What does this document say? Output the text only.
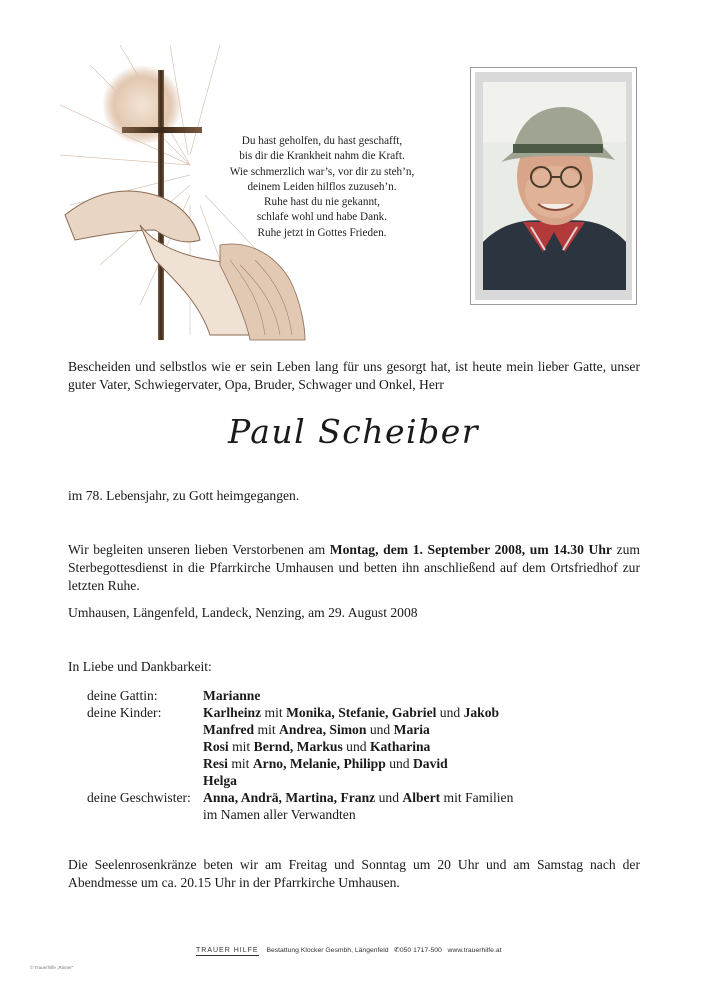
Du hast geholfen, du hast geschafft,
bis dir die Krankheit nahm die Kraft.
Wie schmerzlich war’s, vor dir zu steh’n,
deinem Leiden hilflos zuzuseh’n.
Ruhe hast du nie gekannt,
schlafe wohl und habe Dank.
Ruhe jetzt in Gottes Frieden.
Bescheiden und selbstlos wie er sein Leben lang für uns gesorgt hat, ist heute mein lieber Gatte, unser guter Vater, Schwiegervater, Opa, Bruder, Schwager und Onkel, Herr
Paul Scheiber
im 78. Lebensjahr, zu Gott heimgegangen.
Wir begleiten unseren lieben Verstorbenen am Montag, dem 1. September 2008, um 14.30 Uhr zum Sterbegottesdienst in die Pfarrkirche Umhausen und betten ihn anschließend auf dem Ortsfriedhof zur letzten Ruhe.
Umhausen, Längenfeld, Landeck, Nenzing, am 29. August 2008
In Liebe und Dankbarkeit:
deine Gattin:	Marianne
deine Kinder:	Karlheinz mit Monika, Stefanie, Gabriel und Jakob
Manfred mit Andrea, Simon und Maria
Rosi mit Bernd, Markus und Katharina
Resi mit Arno, Melanie, Philipp und David
Helga
deine Geschwister: Anna, Andrä, Martina, Franz und Albert mit Familien
im Namen aller Verwandten
Die Seelenrosenkränze beten wir am Freitag und Sonntag um 20 Uhr und am Samstag nach der Abendmesse um ca. 20.15 Uhr in der Pfarrkirche Umhausen.
TRAUER HILFE Bestattung Klocker Gesmbh, Längenfeld ✆050 1717-500 www.trauerhilfe.at
© Trauerhilfe „Rinner“
